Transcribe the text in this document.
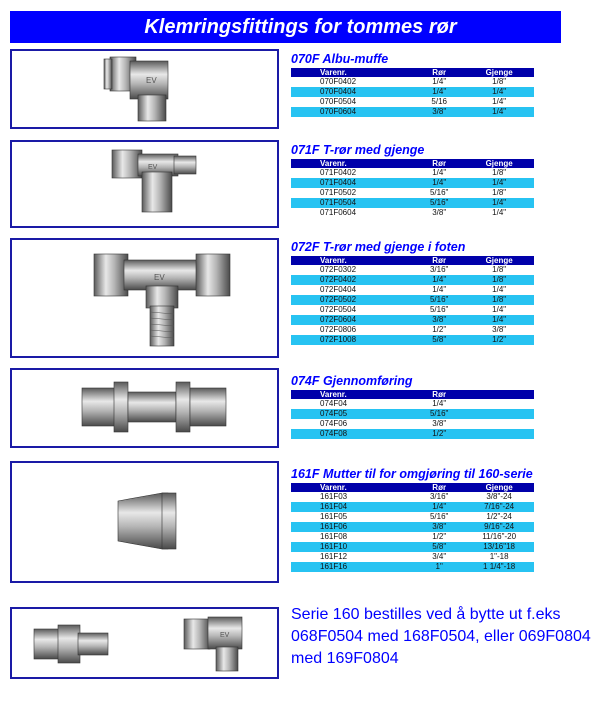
Klemringsfittings for tommes rør
EV
070F Albu-muffe
Varenr.	Rør	Gjenge
070F0402	1/4"	1/8"
070F0404	1/4"	1/4"
070F0504	5/16	1/4"
070F0604	3/8"	1/4"
EV
071F T-rør med gjenge
Varenr.	Rør	Gjenge
071F0402	1/4"	1/8"
071F0404	1/4"	1/4"
071F0502	5/16"	1/8"
071F0504	5/16"	1/4"
071F0604	3/8"	1/4"
EV
072F T-rør med gjenge i foten
Varenr.	Rør	Gjenge
072F0302	3/16"	1/8"
072F0402	1/4"	1/8"
072F0404	1/4"	1/4"
072F0502	5/16"	1/8"
072F0504	5/16"	1/4"
072F0604	3/8"	1/4"
072F0806	1/2"	3/8"
072F1008	5/8"	1/2"
074F Gjennomføring
Varenr.	Rør	
074F04	1/4"	
074F05	5/16"	
074F06	3/8"	
074F08	1/2"	
161F Mutter til for omgjøring til 160-serie
Varenr.	Rør	Gjenge
161F03	3/16"	3/8"-24
161F04	1/4"	7/16"-24
161F05	5/16"	1/2"-24
161F06	3/8"	9/16"-24
161F08	1/2"	11/16"-20
161F10	5/8"	13/16"18
161F12	3/4"	1"-18
161F16	1"	1 1/4"-18
EV
Serie 160 bestilles ved å bytte ut f.eks 068F0504 med 168F0504, eller 069F0804 med 169F0804
